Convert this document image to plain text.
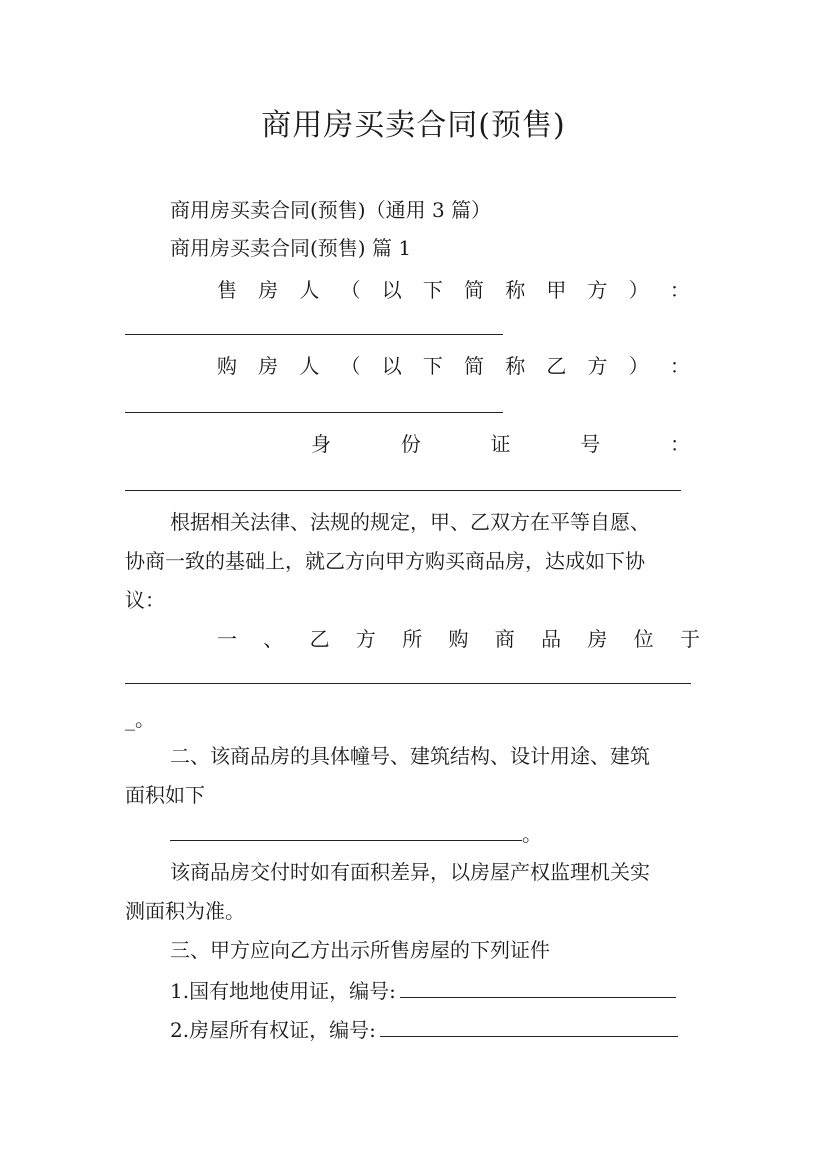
商用房买卖合同(预售)
商用房买卖合同(预售)（通用 3 篇）
商用房买卖合同(预售) 篇 1
售 房 人 （ 以 下 简 称 甲 方 ） ：
购 房 人 （ 以 下 简 称 乙 方 ） ：
身	份	证	号	：
根据相关法律、法规的规定，甲、乙双方在平等自愿、
协商一致的基础上，就乙方向甲方购买商品房，达成如下协
议：
一 、 乙 方 所 购 商 品 房 位 于
_。
二、该商品房的具体幢号、建筑结构、设计用途、建筑
面积如下
。
该商品房交付时如有面积差异，以房屋产权监理机关实
测面积为准。
三、甲方应向乙方出示所售房屋的下列证件
1.国有地地使用证，编号:
2.房屋所有权证，编号:
